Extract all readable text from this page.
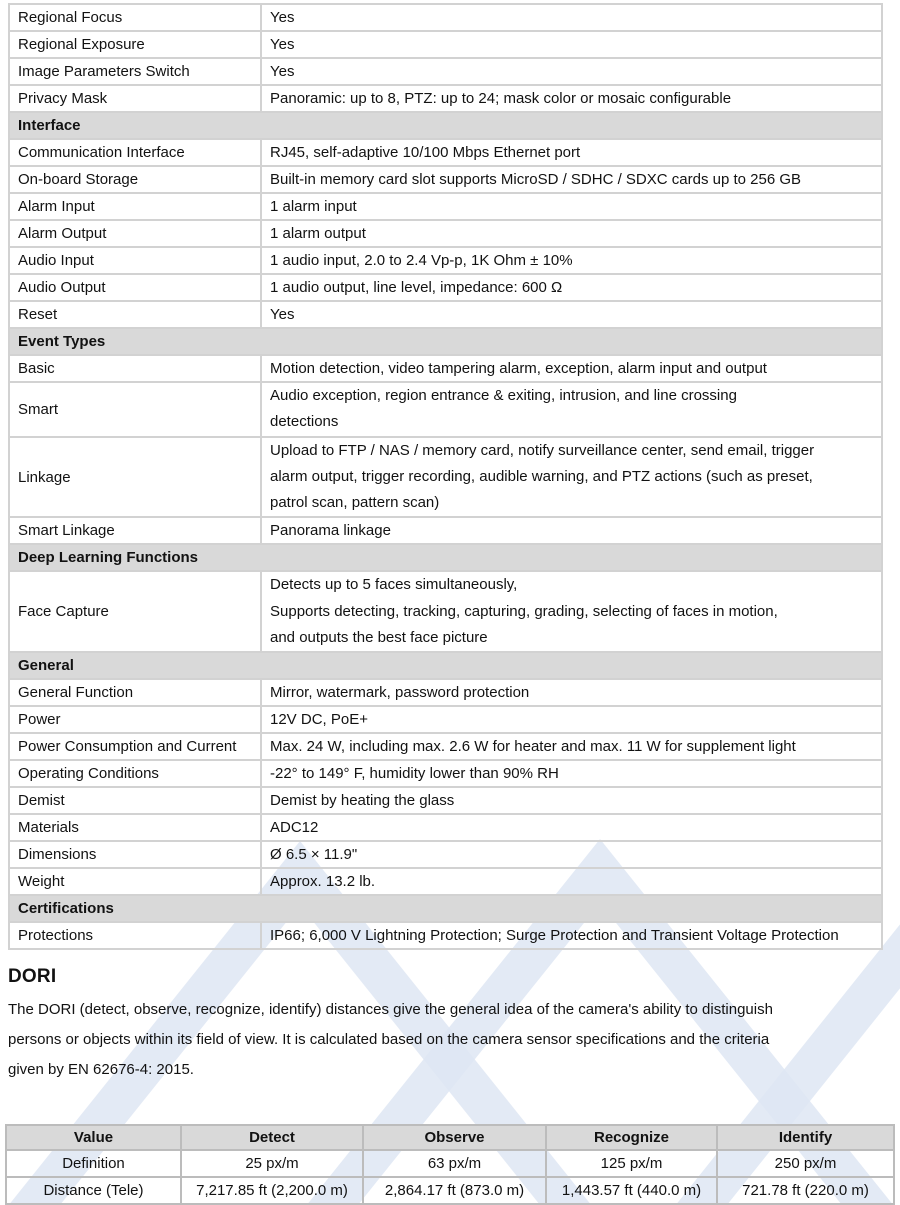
Regional Focus	Yes
Regional Exposure	Yes
Image Parameters Switch	Yes
Privacy Mask	Panoramic: up to 8, PTZ: up to 24; mask color or mosaic configurable
Interface	
Communication Interface	RJ45, self-adaptive 10/100 Mbps Ethernet port
On-board Storage	Built-in memory card slot supports MicroSD / SDHC / SDXC cards up to 256 GB
Alarm Input	1 alarm input
Alarm Output	1 alarm output
Audio Input	1 audio input, 2.0 to 2.4 Vp-p, 1K Ohm ± 10%
Audio Output	1 audio output, line level, impedance: 600 Ω
Reset	Yes
Event Types	
Basic	Motion detection, video tampering alarm, exception, alarm input and output
Smart	Audio exception, region entrance & exiting, intrusion, and line crossing
detections

Linkage	Upload to FTP / NAS / memory card, notify surveillance center, send email, trigger
alarm output, trigger recording, audible warning, and PTZ actions (such as preset,
patrol scan, pattern scan)

Smart Linkage	Panorama linkage
Deep Learning Functions	
Face Capture	Detects up to 5 faces simultaneously,
Supports detecting, tracking, capturing, grading, selecting of faces in motion,
and outputs the best face picture

General	
General Function	Mirror, watermark, password protection
Power	12V DC, PoE+
Power Consumption and Current	Max. 24 W, including max. 2.6 W for heater and max. 11 W for supplement light
Operating Conditions	-22° to 149° F, humidity lower than 90% RH
Demist	Demist by heating the glass
Materials	ADC12
Dimensions	Ø 6.5 × 11.9"
Weight	Approx. 13.2 lb.
Certifications	
Protections	IP66; 6,000 V Lightning Protection; Surge Protection and Transient Voltage Protection
DORI
The DORI (detect, observe, recognize, identify) distances give the general idea of the camera's ability to distinguish
persons or objects within its field of view. It is calculated based on the camera sensor specifications and the criteria
given by EN 62676-4: 2015.
Value	Detect	Observe	Recognize	Identify
Definition	25 px/m	63 px/m	125 px/m	250 px/m
Distance (Tele)	7,217.85 ft (2,200.0 m)	2,864.17 ft (873.0 m)	1,443.57 ft (440.0 m)	721.78 ft (220.0 m)
